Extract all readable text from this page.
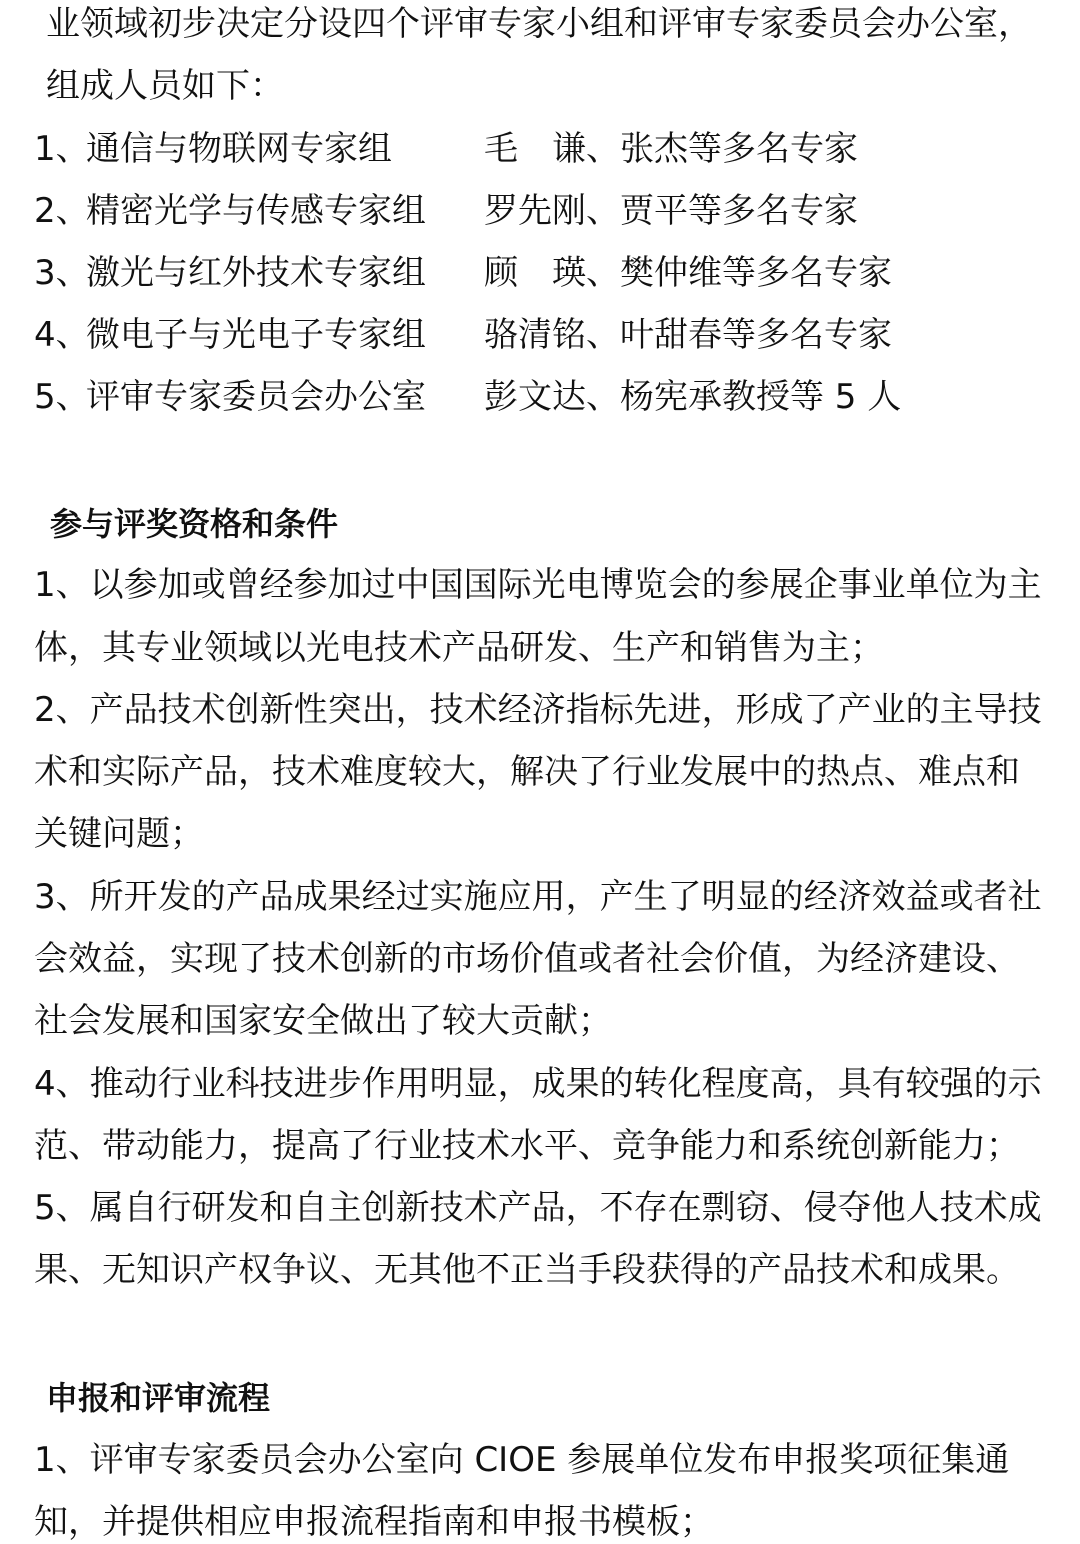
业领域初步决定分设四个评审专家小组和评审专家委员会办公室，
组成人员如下：
1、
通信与物联网专家组	毛　谦、张杰等多名专家
2、
精密光学与传感专家组 罗先刚、贾平等多名专家
3、
激光与红外技术专家组 顾　瑛、樊仲维等多名专家
4、
微电子与光电子专家组 骆清铭、叶甜春等多名专家
5、
评审专家委员会办公室 彭文达、杨宪承教授等 5 人
参与评奖资格和条件
1、以参加或曾经参加过中国国际光电博览会的参展企事业单位为主
体，其专业领域以光电技术产品研发、生产和销售为主；
2、产品技术创新性突出，技术经济指标先进，形成了产业的主导技
术和实际产品，技术难度较大，解决了行业发展中的热点、难点和
关键问题；
3、所开发的产品成果经过实施应用，产生了明显的经济效益或者社
会效益，实现了技术创新的市场价值或者社会价值，为经济建设、
社会发展和国家安全做出了较大贡献；
4、推动行业科技进步作用明显，成果的转化程度高，具有较强的示
范、带动能力，提高了行业技术水平、竞争能力和系统创新能力；
5、属自行研发和自主创新技术产品，不存在剽窃、侵夺他人技术成
果、无知识产权争议、无其他不正当手段获得的产品技术和成果。
申报和评审流程
1、评审专家委员会办公室向 CIOE 参展单位发布申报奖项征集通
知，并提供相应申报流程指南和申报书模板；
